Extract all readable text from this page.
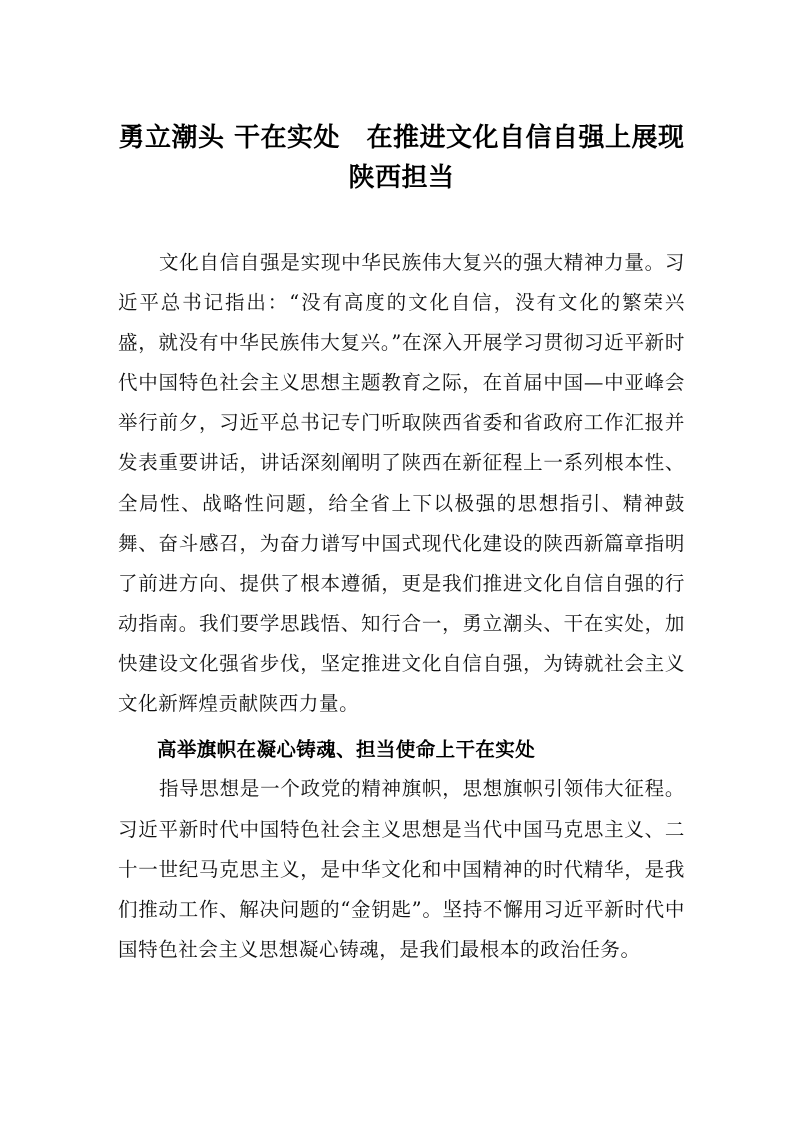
勇立潮头 干在实处　在推进文化自信自强上展现陕西担当

文化自信自强是实现中华民族伟大复兴的强大精神力量。习近平总书记指出：“没有高度的文化自信，没有文化的繁荣兴盛，就没有中华民族伟大复兴。”在深入开展学习贯彻习近平新时代中国特色社会主义思想主题教育之际，在首届中国—中亚峰会举行前夕，习近平总书记专门听取陕西省委和省政府工作汇报并发表重要讲话，讲话深刻阐明了陕西在新征程上一系列根本性、全局性、战略性问题，给全省上下以极强的思想指引、精神鼓舞、奋斗感召，为奋力谱写中国式现代化建设的陕西新篇章指明了前进方向、提供了根本遵循，更是我们推进文化自信自强的行动指南。我们要学思践悟、知行合一，勇立潮头、干在实处，加快建设文化强省步伐，坚定推进文化自信自强，为铸就社会主义文化新辉煌贡献陕西力量。

高举旗帜在凝心铸魂、担当使命上干在实处

指导思想是一个政党的精神旗帜，思想旗帜引领伟大征程。习近平新时代中国特色社会主义思想是当代中国马克思主义、二十一世纪马克思主义，是中华文化和中国精神的时代精华，是我们推动工作、解决问题的“金钥匙”。坚持不懈用习近平新时代中国特色社会主义思想凝心铸魂，是我们最根本的政治任务。
